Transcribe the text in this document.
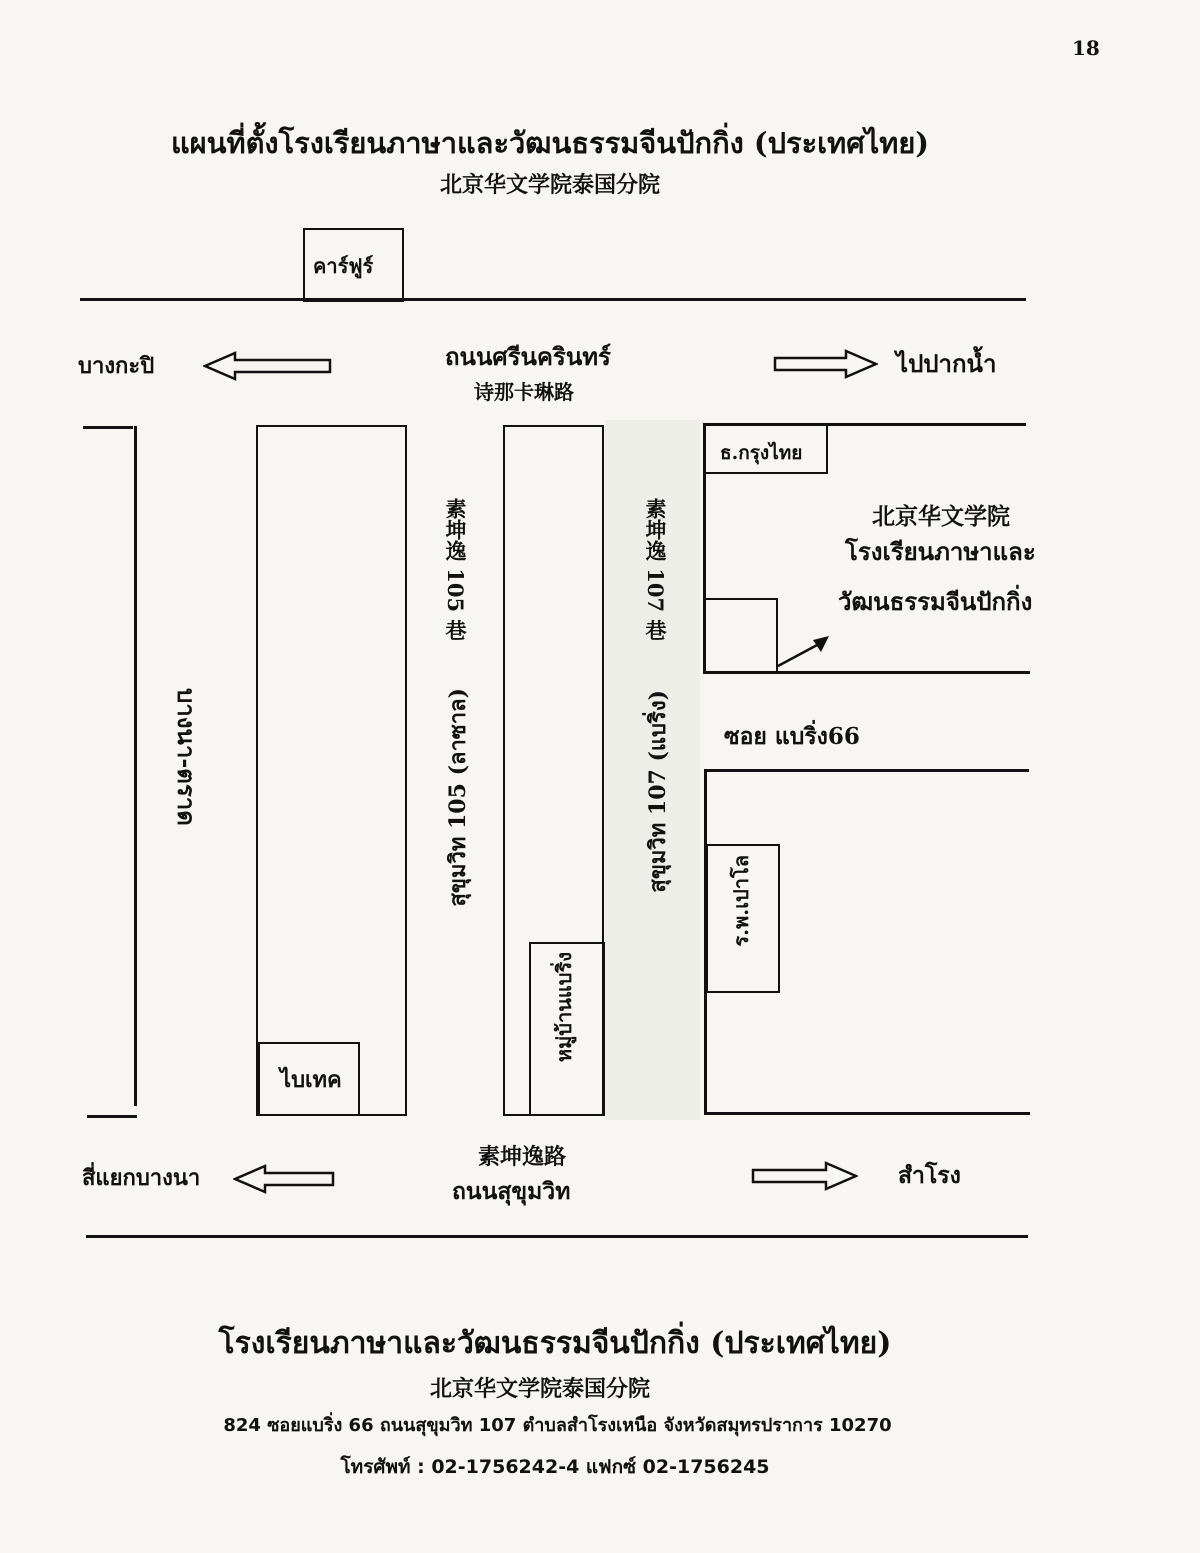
18
แผนที่ตั้งโรงเรียนภาษาและวัฒนธรรมจีนปักกิ่ง (ประเทศไทย)
北京华文学院泰国分院
คาร์ฟูร์
ถนนศรีนครินทร์
诗那卡琳路
บางกะปิ	ไปปากน้ำ
บางนา-ตราด
ไบเทค
素坤逸 105 巷
สุขุมวิท 105 (ลาซาล)
หมู่บ้านแบริ่ง
素坤逸 107 巷
สุขุมวิท 107 (แบริ่ง)
ธ.กรุงไทย
北京华文学院
โรงเรียนภาษาและ
วัฒนธรรมจีนปักกิ่ง
ซอย แบริ่ง66
ร.พ.เปาโล
素坤逸路
ถนนสุขุมวิท
สี่แยกบางนา	สำโรง
โรงเรียนภาษาและวัฒนธรรมจีนปักกิ่ง (ประเทศไทย)
北京华文学院泰国分院
824 ซอยแบริ่ง 66 ถนนสุขุมวิท 107 ตำบลสำโรงเหนือ จังหวัดสมุทรปราการ 10270
โทรศัพท์ : 02-1756242-4 แฟกซ์ 02-1756245
